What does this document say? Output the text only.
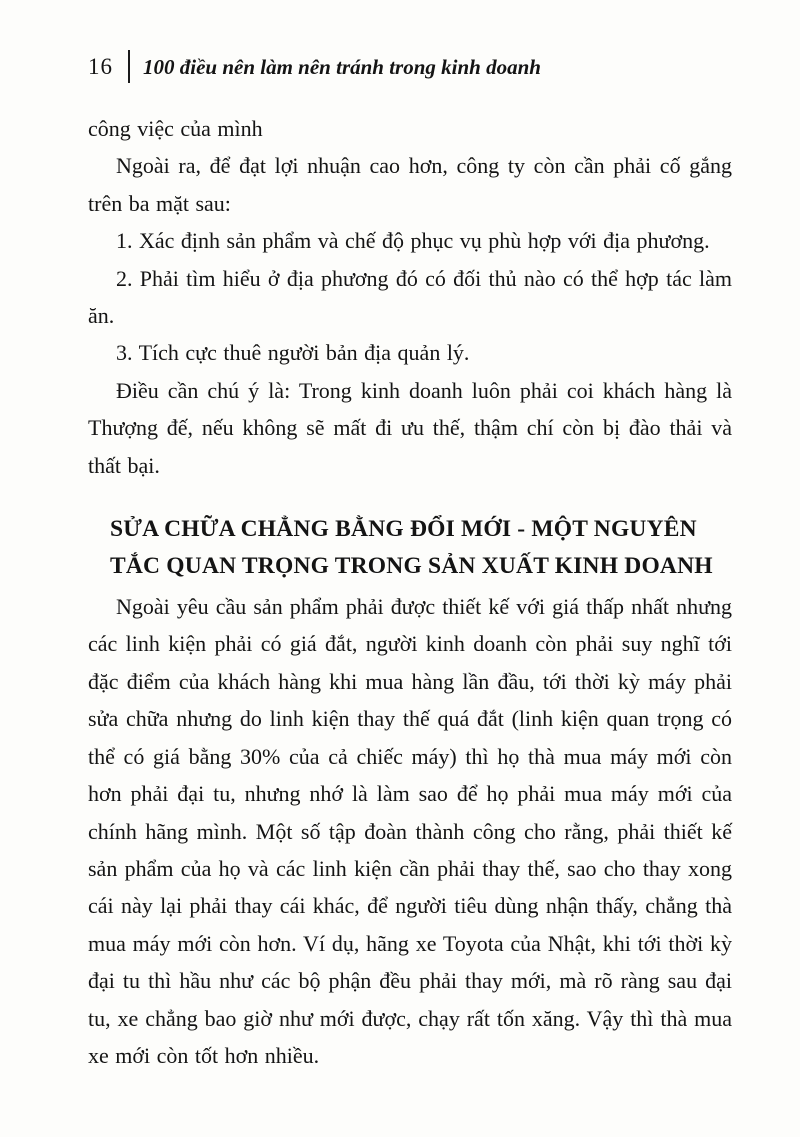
16 100 điều nên làm nên tránh trong kinh doanh

công việc của mình

Ngoài ra, để đạt lợi nhuận cao hơn, công ty còn cần phải cố gắng trên ba mặt sau:

1. Xác định sản phẩm và chế độ phục vụ phù hợp với địa phương.

2. Phải tìm hiểu ở địa phương đó có đối thủ nào có thể hợp tác làm ăn.

3. Tích cực thuê người bản địa quản lý.

Điều cần chú ý là: Trong kinh doanh luôn phải coi khách hàng là Thượng đế, nếu không sẽ mất đi ưu thế, thậm chí còn bị đào thải và thất bại.

SỬA CHỮA CHẲNG BẰNG ĐỔI MỚI - MỘT NGUYÊN
TẮC QUAN TRỌNG TRONG SẢN XUẤT KINH DOANH

Ngoài yêu cầu sản phẩm phải được thiết kế với giá thấp nhất nhưng các linh kiện phải có giá đắt, người kinh doanh còn phải suy nghĩ tới đặc điểm của khách hàng khi mua hàng lần đầu, tới thời kỳ máy phải sửa chữa nhưng do linh kiện thay thế quá đắt (linh kiện quan trọng có thể có giá bằng 30% của cả chiếc máy) thì họ thà mua máy mới còn hơn phải đại tu, nhưng nhớ là làm sao để họ phải mua máy mới của chính hãng mình. Một số tập đoàn thành công cho rằng, phải thiết kế sản phẩm của họ và các linh kiện cần phải thay thế, sao cho thay xong cái này lại phải thay cái khác, để người tiêu dùng nhận thấy, chẳng thà mua máy mới còn hơn. Ví dụ, hãng xe Toyota của Nhật, khi tới thời kỳ đại tu thì hầu như các bộ phận đều phải thay mới, mà rõ ràng sau đại tu, xe chẳng bao giờ như mới được, chạy rất tốn xăng. Vậy thì thà mua xe mới còn tốt hơn nhiều.
